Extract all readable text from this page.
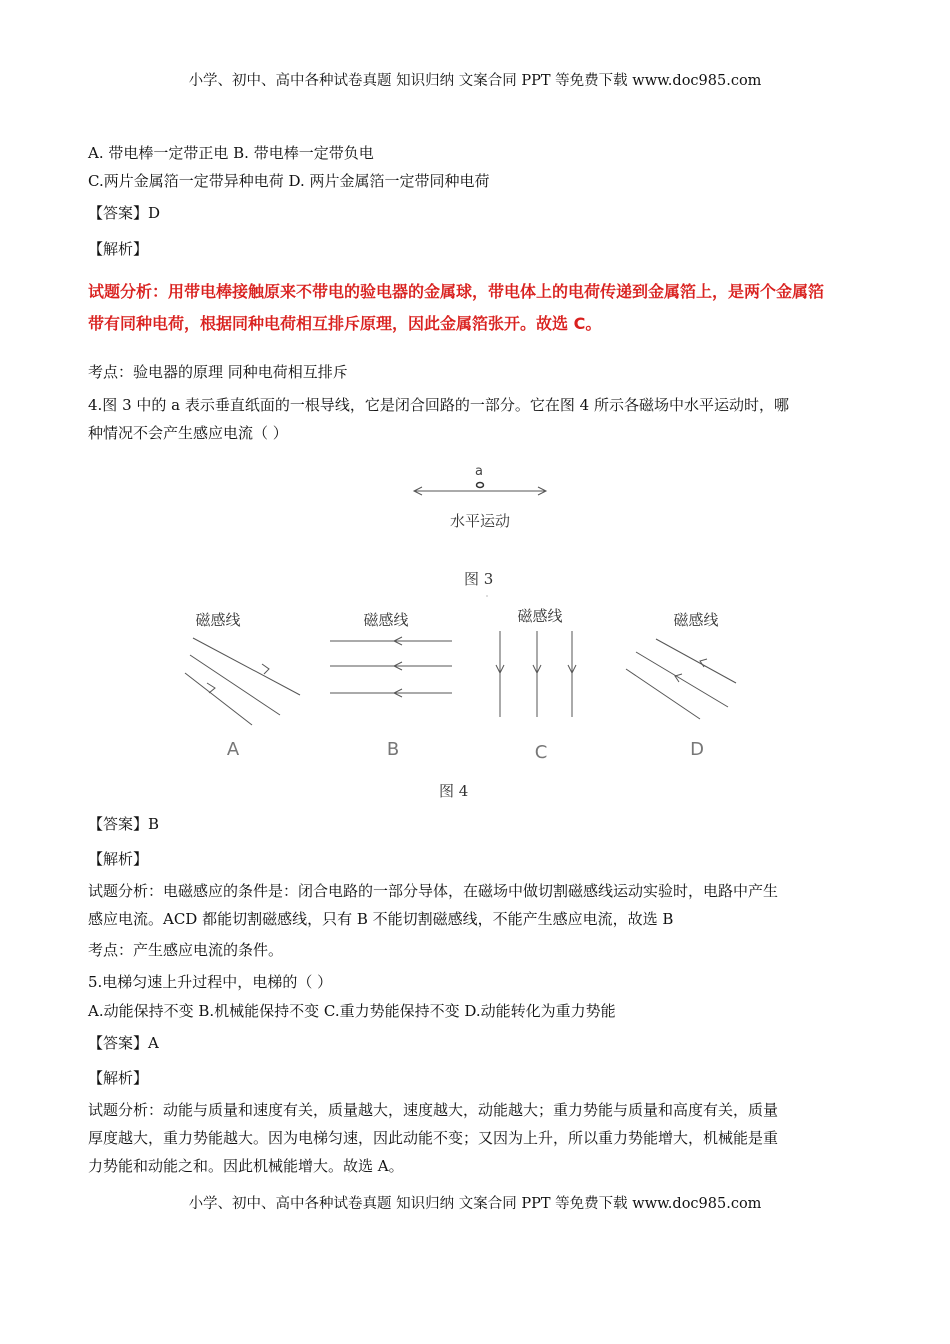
小学、初中、高中各种试卷真题 知识归纳 文案合同 PPT 等免费下载 www.doc985.com
A. 带电棒一定带正电 B. 带电棒一定带负电
C.两片金属箔一定带异种电荷 D. 两片金属箔一定带同种电荷
【答案】D
【解析】
试题分析：用带电棒接触原来不带电的验电器的金属球，带电体上的电荷传递到金属箔上，是两个金属箔
带有同种电荷，根据同种电荷相互排斥原理，因此金属箔张开。故选 C。
考点：验电器的原理 同种电荷相互排斥
4.图 3 中的 a 表示垂直纸面的一根导线，它是闭合回路的一部分。它在图 4 所示各磁场中水平运动时，哪
种情况不会产生感应电流（ ）
a
水平运动
图 3
磁感线
A
磁感线
B
磁感线
C
磁感线
D
图 4
【答案】B
【解析】
试题分析：电磁感应的条件是：闭合电路的一部分导体，在磁场中做切割磁感线运动实验时，电路中产生
感应电流。ACD 都能切割磁感线，只有 B 不能切割磁感线，不能产生感应电流，故选 B
考点：产生感应电流的条件。
5.电梯匀速上升过程中，电梯的（ ）
A.动能保持不变 B.机械能保持不变 C.重力势能保持不变 D.动能转化为重力势能
【答案】A
【解析】
试题分析：动能与质量和速度有关，质量越大，速度越大，动能越大；重力势能与质量和高度有关，质量
厚度越大，重力势能越大。因为电梯匀速，因此动能不变；又因为上升，所以重力势能增大，机械能是重
力势能和动能之和。因此机械能增大。故选 A。
小学、初中、高中各种试卷真题 知识归纳 文案合同 PPT 等免费下载 www.doc985.com
